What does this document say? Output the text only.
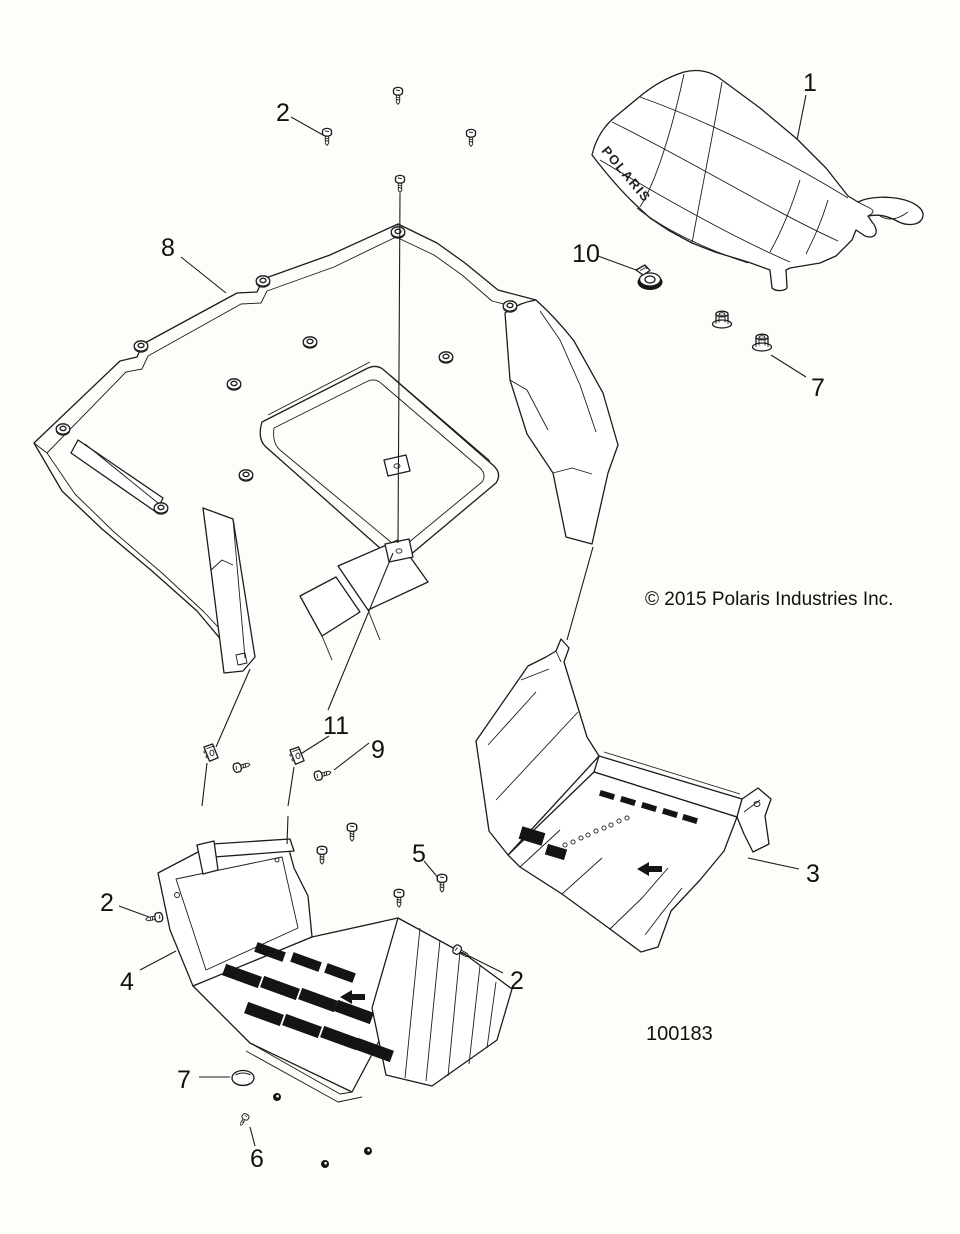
POLARIS
1
2
8	10
7
11
9
5
2
4	2
3
7
6
© 2015 Polaris Industries Inc.
100183
